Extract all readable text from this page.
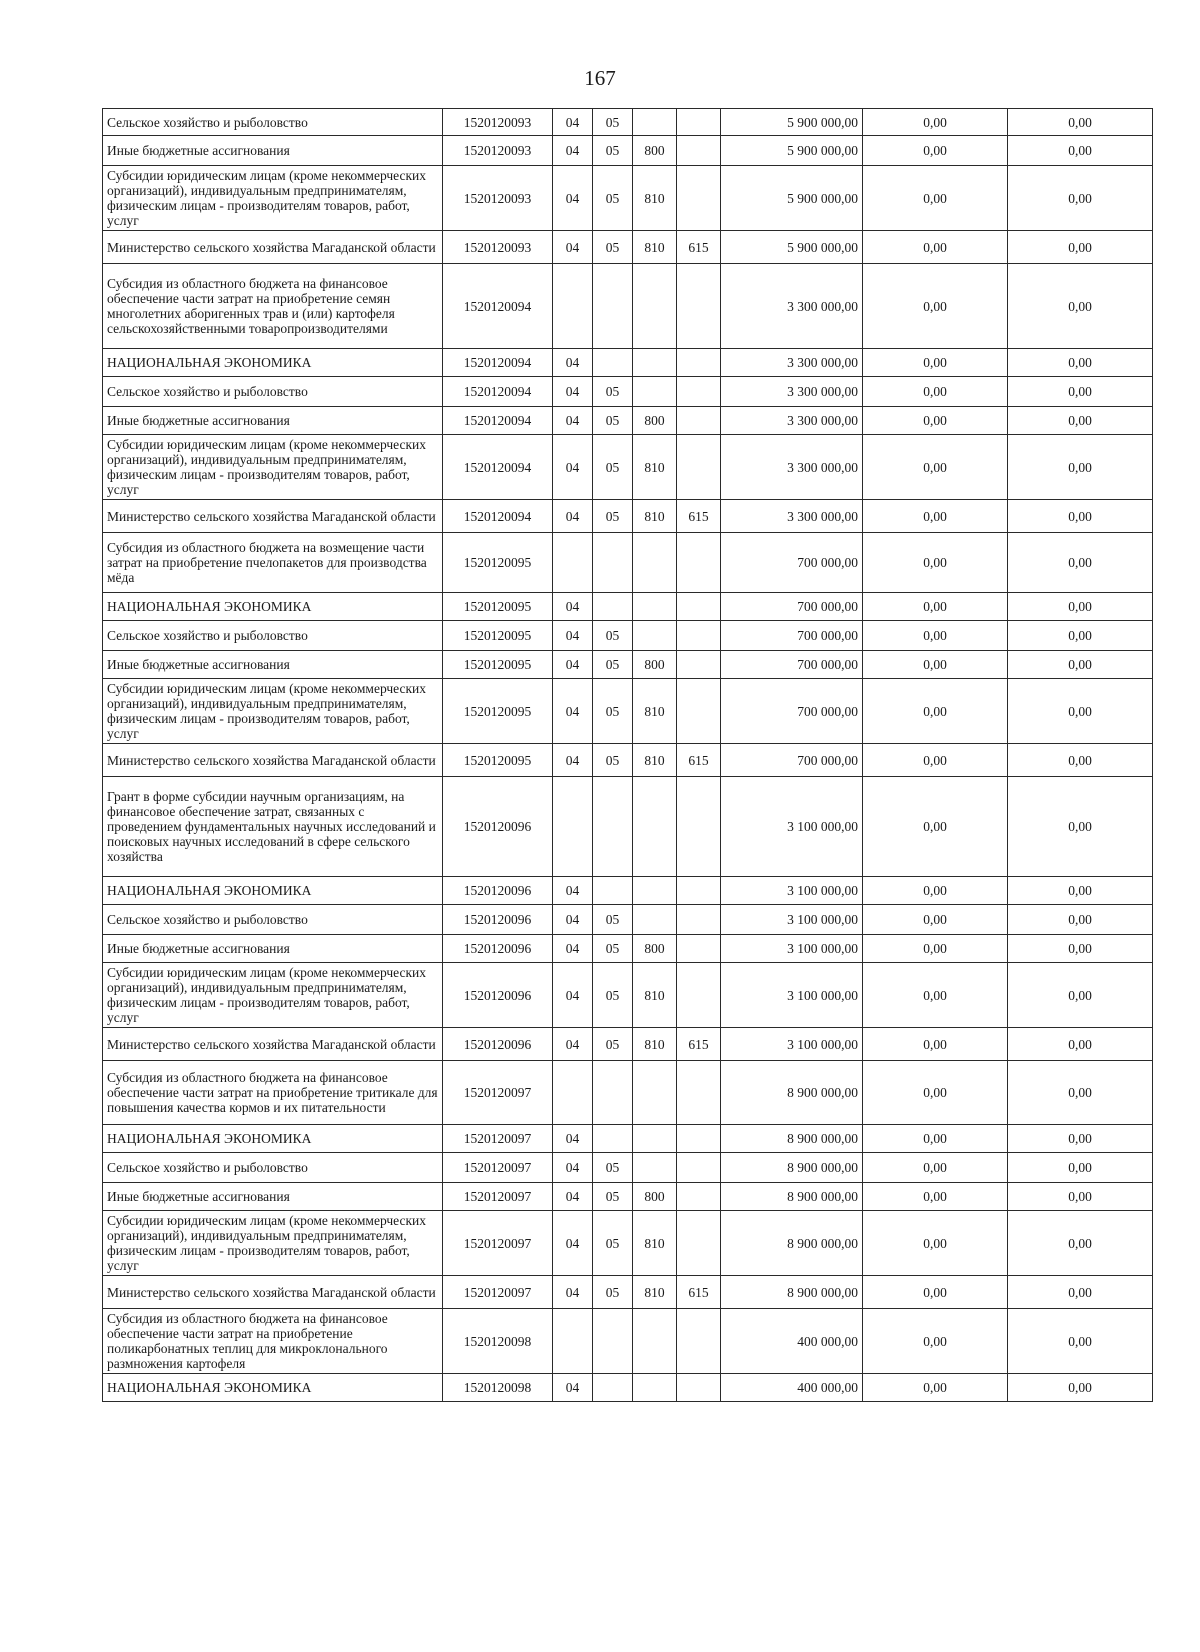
167
Сельское хозяйство и рыболовство	1520120093	04	05			5 900 000,00	0,00	0,00
Иные бюджетные ассигнования	1520120093	04	05	800		5 900 000,00	0,00	0,00
Субсидии юридическим лицам (кроме некоммерческих организаций), индивидуальным предпринимателям, физическим лицам - производителям товаров, работ, услуг	1520120093	04	05	810		5 900 000,00	0,00	0,00
Министерство сельского хозяйства Магаданской области	1520120093	04	05	810	615	5 900 000,00	0,00	0,00
Субсидия из областного бюджета на финансовое обеспечение части затрат на приобретение семян многолетних аборигенных трав и (или) картофеля сельскохозяйственными товаропроизводителями	1520120094					3 300 000,00	0,00	0,00
НАЦИОНАЛЬНАЯ ЭКОНОМИКА	1520120094	04				3 300 000,00	0,00	0,00
Сельское хозяйство и рыболовство	1520120094	04	05			3 300 000,00	0,00	0,00
Иные бюджетные ассигнования	1520120094	04	05	800		3 300 000,00	0,00	0,00
Субсидии юридическим лицам (кроме некоммерческих организаций), индивидуальным предпринимателям, физическим лицам - производителям товаров, работ, услуг	1520120094	04	05	810		3 300 000,00	0,00	0,00
Министерство сельского хозяйства Магаданской области	1520120094	04	05	810	615	3 300 000,00	0,00	0,00
Субсидия из областного бюджета на возмещение части затрат на приобретение пчелопакетов для производства мёда	1520120095					700 000,00	0,00	0,00
НАЦИОНАЛЬНАЯ ЭКОНОМИКА	1520120095	04				700 000,00	0,00	0,00
Сельское хозяйство и рыболовство	1520120095	04	05			700 000,00	0,00	0,00
Иные бюджетные ассигнования	1520120095	04	05	800		700 000,00	0,00	0,00
Субсидии юридическим лицам (кроме некоммерческих организаций), индивидуальным предпринимателям, физическим лицам - производителям товаров, работ, услуг	1520120095	04	05	810		700 000,00	0,00	0,00
Министерство сельского хозяйства Магаданской области	1520120095	04	05	810	615	700 000,00	0,00	0,00
Грант в форме субсидии научным организациям, на финансовое обеспечение затрат, связанных с проведением фундаментальных научных исследований и поисковых научных исследований в сфере сельского хозяйства	1520120096					3 100 000,00	0,00	0,00
НАЦИОНАЛЬНАЯ ЭКОНОМИКА	1520120096	04				3 100 000,00	0,00	0,00
Сельское хозяйство и рыболовство	1520120096	04	05			3 100 000,00	0,00	0,00
Иные бюджетные ассигнования	1520120096	04	05	800		3 100 000,00	0,00	0,00
Субсидии юридическим лицам (кроме некоммерческих организаций), индивидуальным предпринимателям, физическим лицам - производителям товаров, работ, услуг	1520120096	04	05	810		3 100 000,00	0,00	0,00
Министерство сельского хозяйства Магаданской области	1520120096	04	05	810	615	3 100 000,00	0,00	0,00
Субсидия из областного бюджета на финансовое обеспечение части затрат на приобретение тритикале для повышения качества кормов и их питательности	1520120097					8 900 000,00	0,00	0,00
НАЦИОНАЛЬНАЯ ЭКОНОМИКА	1520120097	04				8 900 000,00	0,00	0,00
Сельское хозяйство и рыболовство	1520120097	04	05			8 900 000,00	0,00	0,00
Иные бюджетные ассигнования	1520120097	04	05	800		8 900 000,00	0,00	0,00
Субсидии юридическим лицам (кроме некоммерческих организаций), индивидуальным предпринимателям, физическим лицам - производителям товаров, работ, услуг	1520120097	04	05	810		8 900 000,00	0,00	0,00
Министерство сельского хозяйства Магаданской области	1520120097	04	05	810	615	8 900 000,00	0,00	0,00
Субсидия из областного бюджета на финансовое обеспечение части затрат на приобретение поликарбонатных теплиц для микроклонального размножения картофеля	1520120098					400 000,00	0,00	0,00
НАЦИОНАЛЬНАЯ ЭКОНОМИКА	1520120098	04				400 000,00	0,00	0,00
